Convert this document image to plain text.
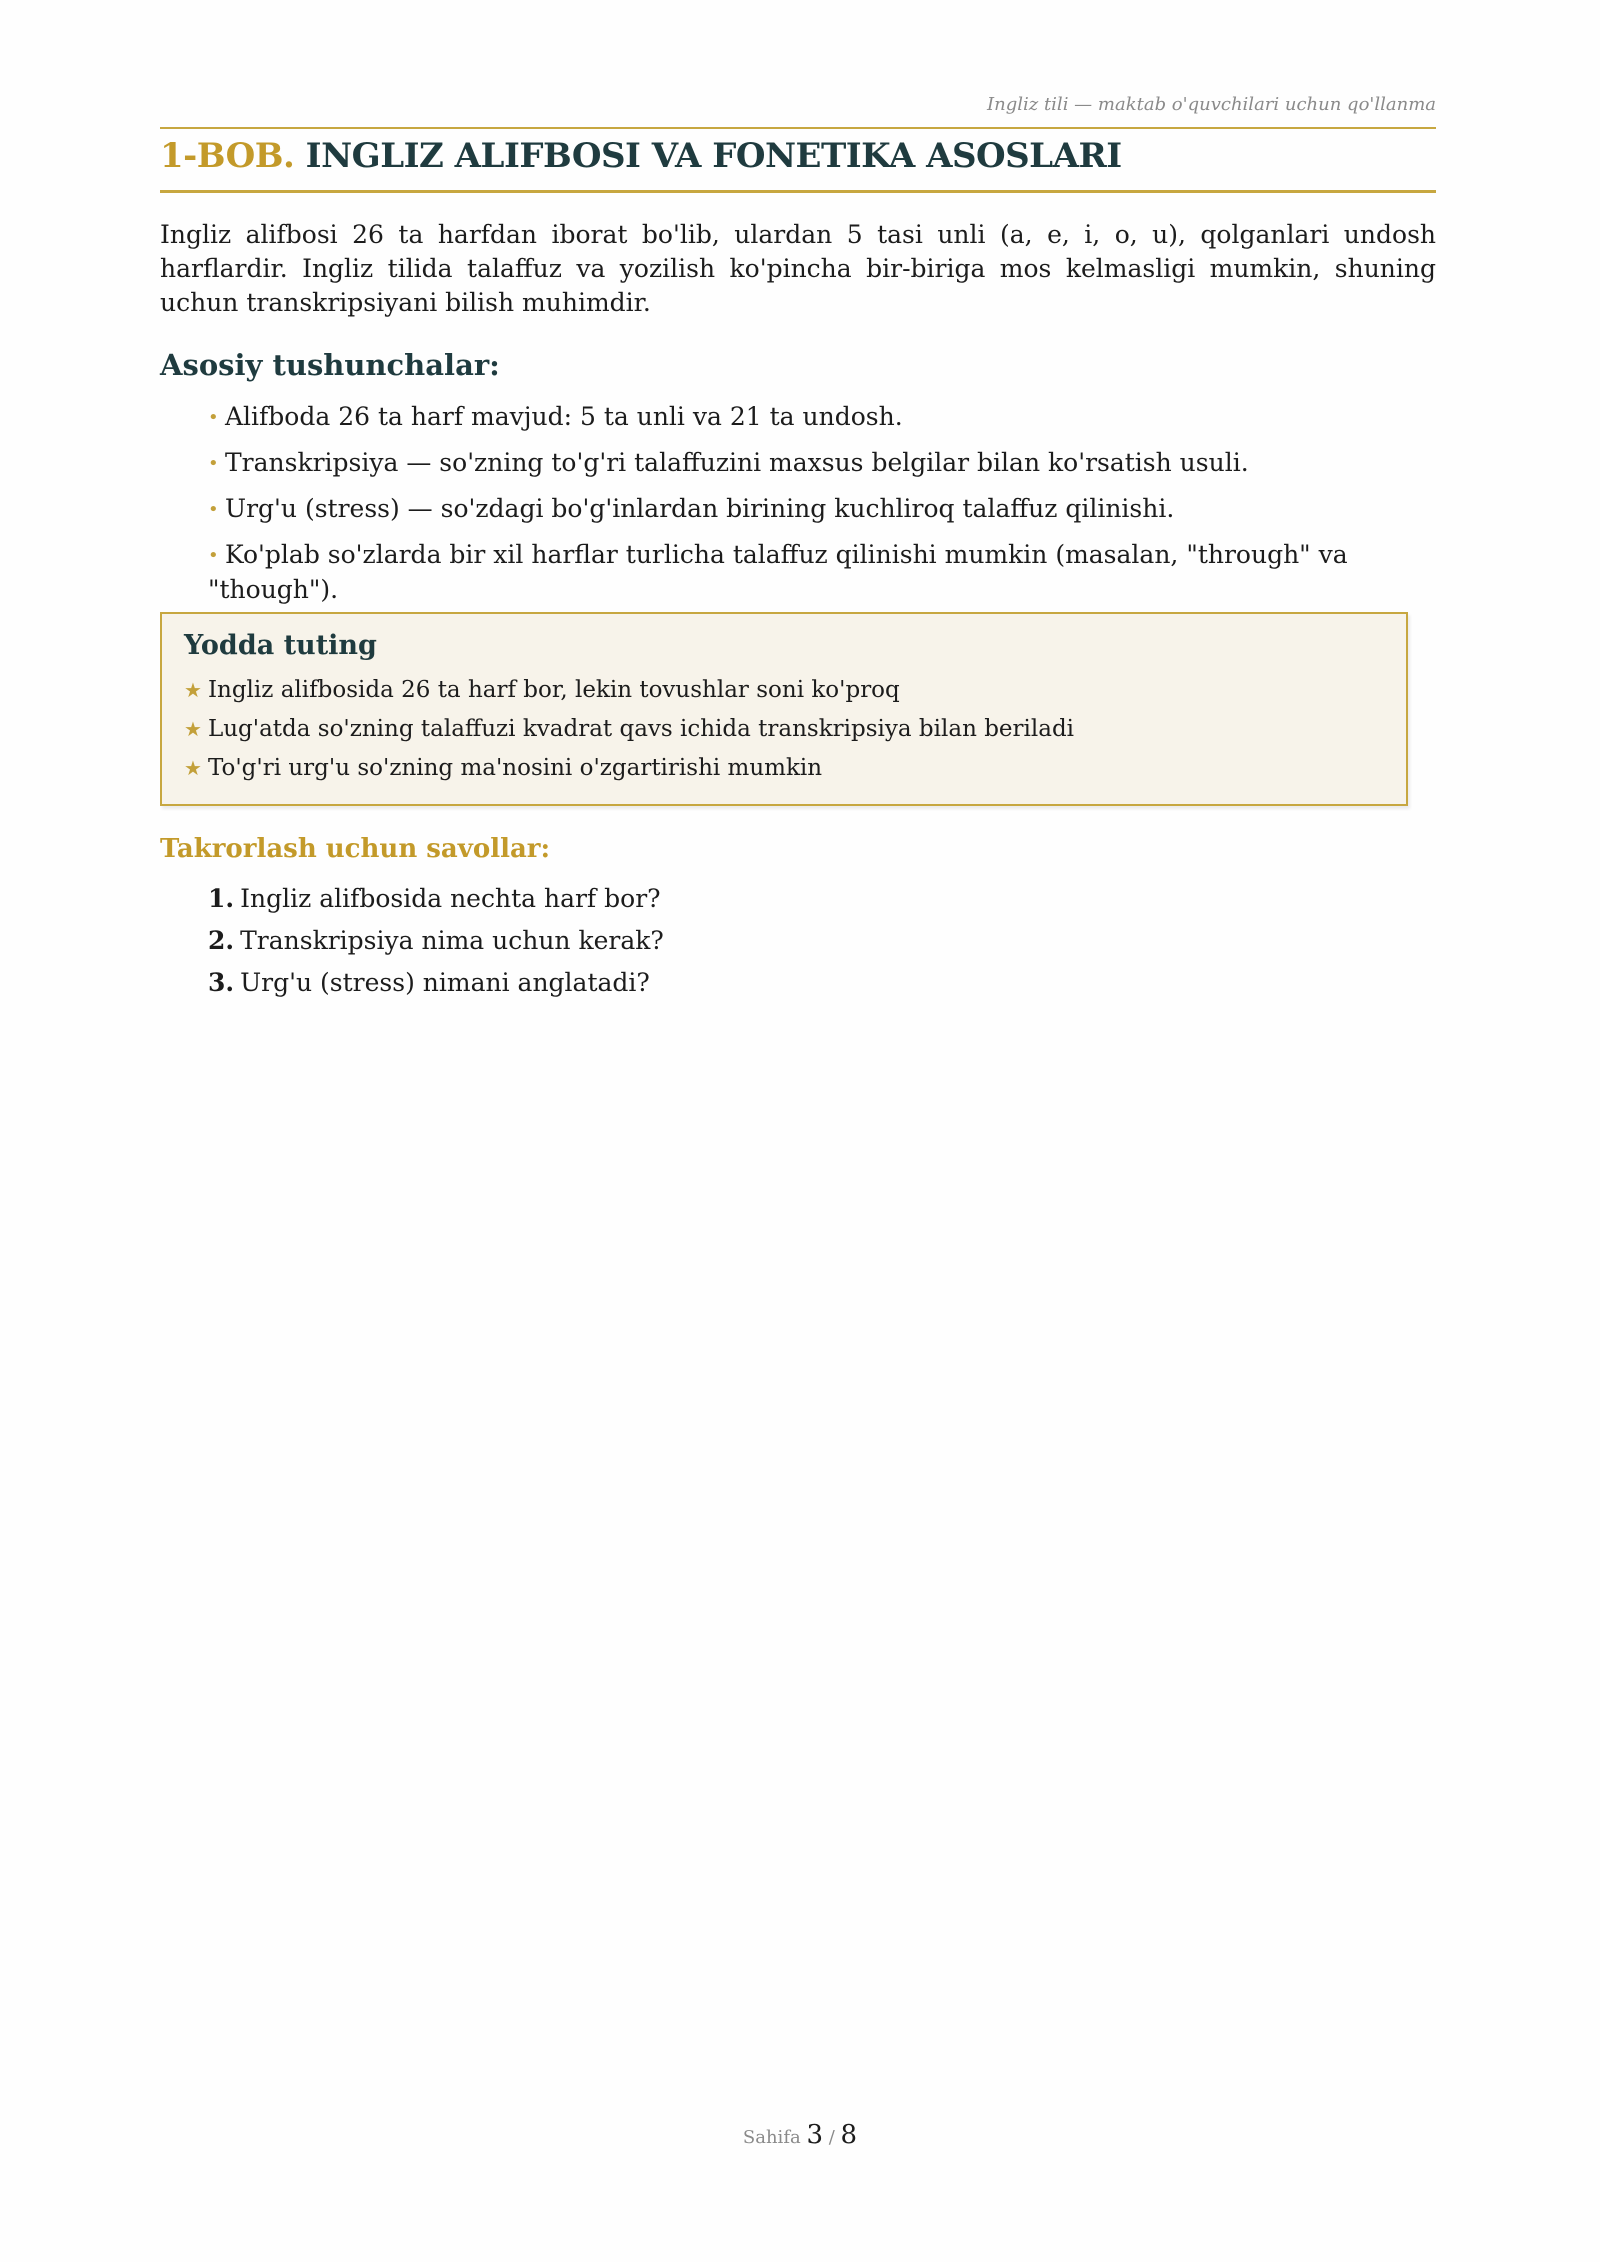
Ingliz tili — maktab o'quvchilari uchun qo'llanma
1-BOB. INGLIZ ALIFBOSI VA FONETIKA ASOSLARI

Ingliz alifbosi 26 ta harfdan iborat bo'lib, ulardan 5 tasi unli (a, e, i, o, u), qolganlari undosh harflardir. Ingliz tilida talaffuz va yozilish ko'pincha bir-biriga mos kelmasligi mumkin, shuning uchun transkripsiyani bilish muhimdir.

Asosiy tushunchalar:
• Alifboda 26 ta harf mavjud: 5 ta unli va 21 ta undosh.
• Transkripsiya — so'zning to'g'ri talaffuzini maxsus belgilar bilan ko'rsatish usuli.
• Urg'u (stress) — so'zdagi bo'g'inlardan birining kuchliroq talaffuz qilinishi.
• Ko'plab so'zlarda bir xil harflar turlicha talaffuz qilinishi mumkin (masalan, "through" va "though").
Yodda tuting
★ Ingliz alifbosida 26 ta harf bor, lekin tovushlar soni ko'proq
★ Lug'atda so'zning talaffuzi kvadrat qavs ichida transkripsiya bilan beriladi
★ To'g'ri urg'u so'zning ma'nosini o'zgartirishi mumkin
Takrorlash uchun savollar:
1. Ingliz alifbosida nechta harf bor?
2. Transkripsiya nima uchun kerak?
3. Urg'u (stress) nimani anglatadi?
Sahifa 3 / 8
